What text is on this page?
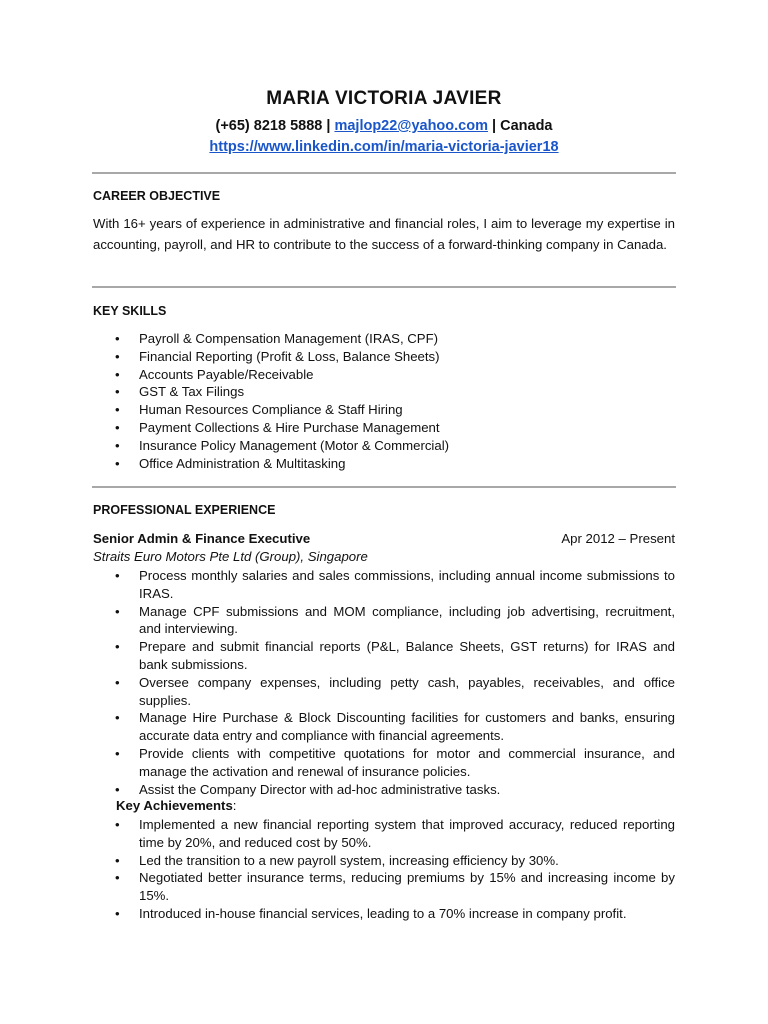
MARIA VICTORIA JAVIER
(+65) 8218 5888 | majlop22@yahoo.com | Canada
https://www.linkedin.com/in/maria-victoria-javier18
CAREER OBJECTIVE
With 16+ years of experience in administrative and financial roles, I aim to leverage my expertise in accounting, payroll, and HR to contribute to the success of a forward-thinking company in Canada.
KEY SKILLS
• Payroll & Compensation Management (IRAS, CPF)
• Financial Reporting (Profit & Loss, Balance Sheets)
• Accounts Payable/Receivable
• GST & Tax Filings
• Human Resources Compliance & Staff Hiring
• Payment Collections & Hire Purchase Management
• Insurance Policy Management (Motor & Commercial)
• Office Administration & Multitasking
PROFESSIONAL EXPERIENCE
Senior Admin & Finance Executive	Apr 2012 – Present
Straits Euro Motors Pte Ltd (Group), Singapore
• Process monthly salaries and sales commissions, including annual income submissions to IRAS.
• Manage CPF submissions and MOM compliance, including job advertising, recruitment, and interviewing.
• Prepare and submit financial reports (P&L, Balance Sheets, GST returns) for IRAS and bank submissions.
• Oversee company expenses, including petty cash, payables, receivables, and office supplies.
• Manage Hire Purchase & Block Discounting facilities for customers and banks, ensuring accurate data entry and compliance with financial agreements.
• Provide clients with competitive quotations for motor and commercial insurance, and manage the activation and renewal of insurance policies.
• Assist the Company Director with ad-hoc administrative tasks.
Key Achievements:
• Implemented a new financial reporting system that improved accuracy, reduced reporting time by 20%, and reduced cost by 50%.
• Led the transition to a new payroll system, increasing efficiency by 30%.
• Negotiated better insurance terms, reducing premiums by 15% and increasing income by 15%.
• Introduced in-house financial services, leading to a 70% increase in company profit.
